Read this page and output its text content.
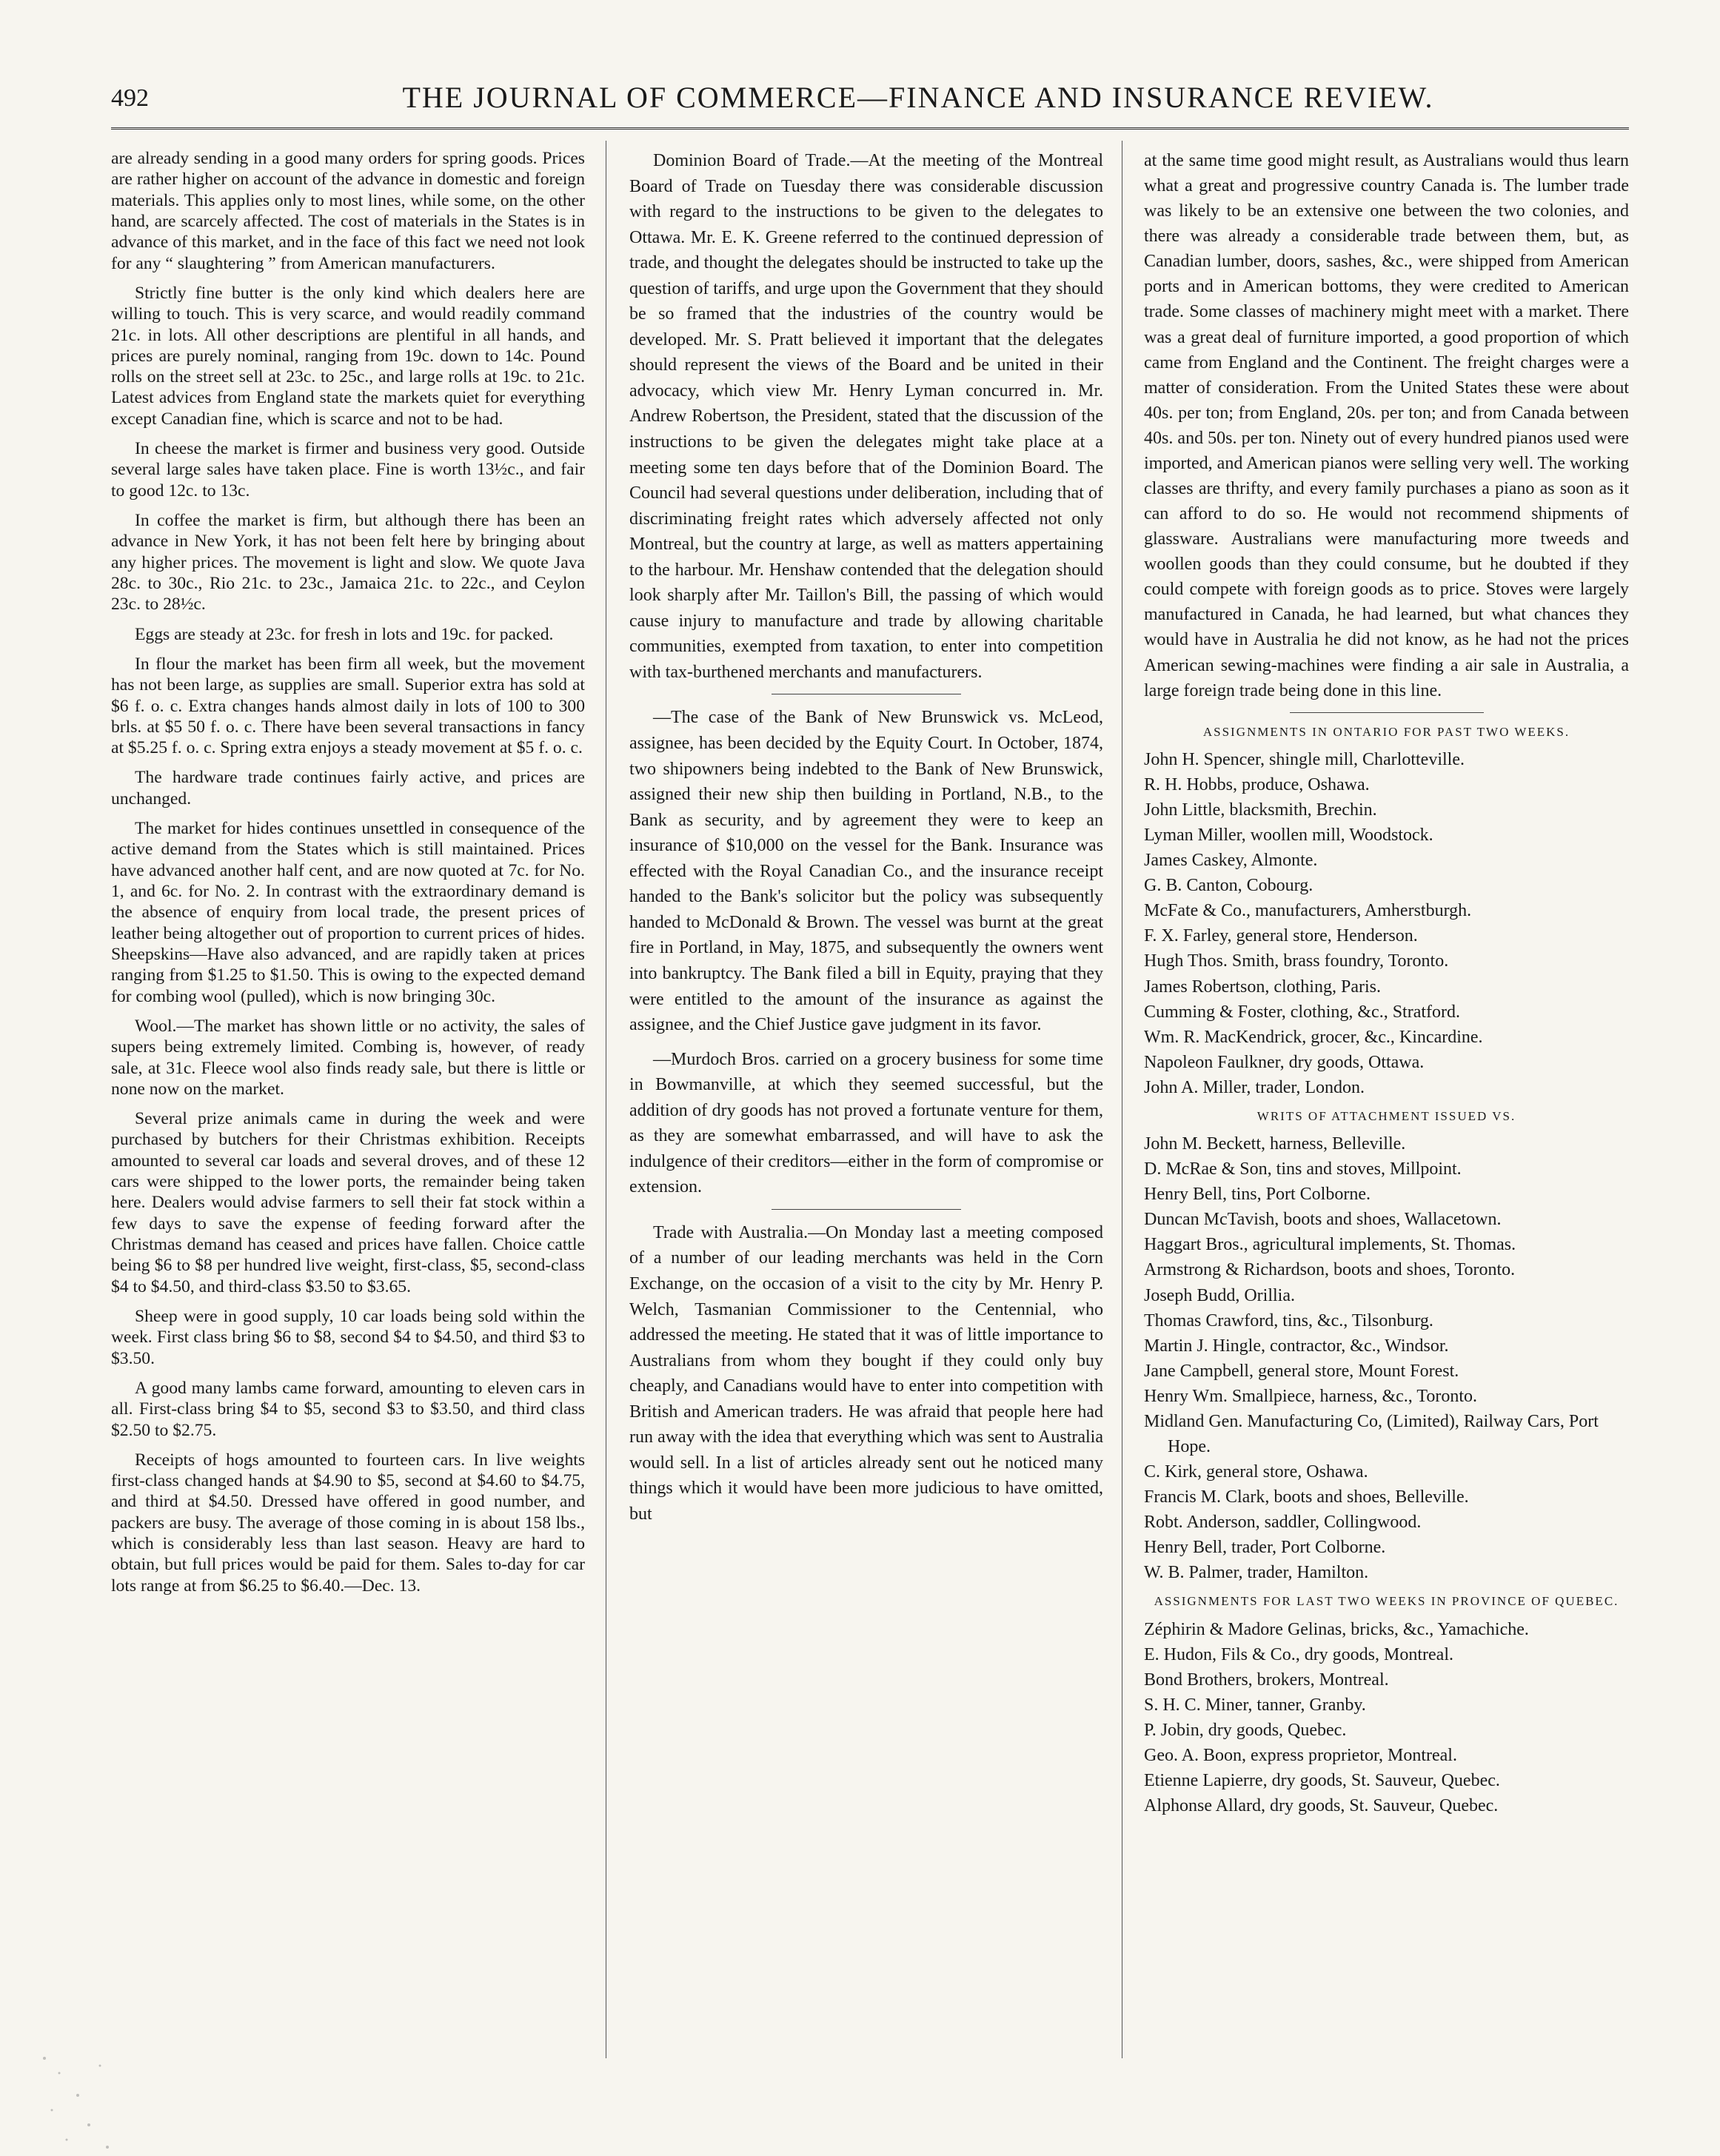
492	THE JOURNAL OF COMMERCE—FINANCE AND INSURANCE REVIEW.

are already sending in a good many orders for spring goods. Prices are rather higher on account of the advance in domestic and foreign materials. This applies only to most lines, while some, on the other hand, are scarcely affected. The cost of materials in the States is in advance of this market, and in the face of this fact we need not look for any “ slaughtering ” from American manufacturers.

Strictly fine butter is the only kind which dealers here are willing to touch. This is very scarce, and would readily command 21c. in lots. All other descriptions are plentiful in all hands, and prices are purely nominal, ranging from 19c. down to 14c. Pound rolls on the street sell at 23c. to 25c., and large rolls at 19c. to 21c. Latest advices from England state the markets quiet for everything except Canadian fine, which is scarce and not to be had.

In cheese the market is firmer and business very good. Outside several large sales have taken place. Fine is worth 13½c., and fair to good 12c. to 13c.

In coffee the market is firm, but although there has been an advance in New York, it has not been felt here by bringing about any higher prices. The movement is light and slow. We quote Java 28c. to 30c., Rio 21c. to 23c., Jamaica 21c. to 22c., and Ceylon 23c. to 28½c.

Eggs are steady at 23c. for fresh in lots and 19c. for packed.

In flour the market has been firm all week, but the movement has not been large, as supplies are small. Superior extra has sold at $6 f. o. c. Extra changes hands almost daily in lots of 100 to 300 brls. at $5 50 f. o. c. There have been several transactions in fancy at $5.25 f. o. c. Spring extra enjoys a steady movement at $5 f. o. c.

The hardware trade continues fairly active, and prices are unchanged.

The market for hides continues unsettled in consequence of the active demand from the States which is still maintained. Prices have advanced another half cent, and are now quoted at 7c. for No. 1, and 6c. for No. 2. In contrast with the extraordinary demand is the absence of enquiry from local trade, the present prices of leather being altogether out of proportion to current prices of hides. Sheepskins—Have also advanced, and are rapidly taken at prices ranging from $1.25 to $1.50. This is owing to the expected demand for combing wool (pulled), which is now bringing 30c.

Wool.—The market has shown little or no activity, the sales of supers being extremely limited. Combing is, however, of ready sale, at 31c. Fleece wool also finds ready sale, but there is little or none now on the market.

Several prize animals came in during the week and were purchased by butchers for their Christmas exhibition. Receipts amounted to several car loads and several droves, and of these 12 cars were shipped to the lower ports, the remainder being taken here. Dealers would advise farmers to sell their fat stock within a few days to save the expense of feeding forward after the Christmas demand has ceased and prices have fallen. Choice cattle being $6 to $8 per hundred live weight, first-class, $5, second-class $4 to $4.50, and third-class $3.50 to $3.65.

Sheep were in good supply, 10 car loads being sold within the week. First class bring $6 to $8, second $4 to $4.50, and third $3 to $3.50.

A good many lambs came forward, amounting to eleven cars in all. First-class bring $4 to $5, second $3 to $3.50, and third class $2.50 to $2.75.

Receipts of hogs amounted to fourteen cars. In live weights first-class changed hands at $4.90 to $5, second at $4.60 to $4.75, and third at $4.50. Dressed have offered in good number, and packers are busy. The average of those coming in is about 158 lbs., which is considerably less than last season. Heavy are hard to obtain, but full prices would be paid for them. Sales to-day for car lots range at from $6.25 to $6.40.—Dec. 13.

Dominion Board of Trade.—At the meeting of the Montreal Board of Trade on Tuesday there was considerable discussion with regard to the instructions to be given to the delegates to Ottawa. Mr. E. K. Greene referred to the continued depression of trade, and thought the delegates should be instructed to take up the question of tariffs, and urge upon the Government that they should be so framed that the industries of the country would be developed. Mr. S. Pratt believed it important that the delegates should represent the views of the Board and be united in their advocacy, which view Mr. Henry Lyman concurred in. Mr. Andrew Robertson, the President, stated that the discussion of the instructions to be given the delegates might take place at a meeting some ten days before that of the Dominion Board. The Council had several questions under deliberation, including that of discriminating freight rates which adversely affected not only Montreal, but the country at large, as well as matters appertaining to the harbour. Mr. Henshaw contended that the delegation should look sharply after Mr. Taillon's Bill, the passing of which would cause injury to manufacture and trade by allowing charitable communities, exempted from taxation, to enter into competition with tax-burthened merchants and manufacturers.

—The case of the Bank of New Brunswick vs. McLeod, assignee, has been decided by the Equity Court. In October, 1874, two shipowners being indebted to the Bank of New Brunswick, assigned their new ship then building in Portland, N.B., to the Bank as security, and by agreement they were to keep an insurance of $10,000 on the vessel for the Bank. Insurance was effected with the Royal Canadian Co., and the insurance receipt handed to the Bank's solicitor but the policy was subsequently handed to McDonald & Brown. The vessel was burnt at the great fire in Portland, in May, 1875, and subsequently the owners went into bankruptcy. The Bank filed a bill in Equity, praying that they were entitled to the amount of the insurance as against the assignee, and the Chief Justice gave judgment in its favor.

—Murdoch Bros. carried on a grocery business for some time in Bowmanville, at which they seemed successful, but the addition of dry goods has not proved a fortunate venture for them, as they are somewhat embarrassed, and will have to ask the indulgence of their creditors—either in the form of compromise or extension.

Trade with Australia.—On Monday last a meeting composed of a number of our leading merchants was held in the Corn Exchange, on the occasion of a visit to the city by Mr. Henry P. Welch, Tasmanian Commissioner to the Centennial, who addressed the meeting. He stated that it was of little importance to Australians from whom they bought if they could only buy cheaply, and Canadians would have to enter into competition with British and American traders. He was afraid that people here had run away with the idea that everything which was sent to Australia would sell. In a list of articles already sent out he noticed many things which it would have been more judicious to have omitted, but

at the same time good might result, as Australians would thus learn what a great and progressive country Canada is. The lumber trade was likely to be an extensive one between the two colonies, and there was already a considerable trade between them, but, as Canadian lumber, doors, sashes, &c., were shipped from American ports and in American bottoms, they were credited to American trade. Some classes of machinery might meet with a market. There was a great deal of furniture imported, a good proportion of which came from England and the Continent. The freight charges were a matter of consideration. From the United States these were about 40s. per ton; from England, 20s. per ton; and from Canada between 40s. and 50s. per ton. Ninety out of every hundred pianos used were imported, and American pianos were selling very well. The working classes are thrifty, and every family purchases a piano as soon as it can afford to do so. He would not recommend shipments of glassware. Australians were manufacturing more tweeds and woollen goods than they could consume, but he doubted if they could compete with foreign goods as to price. Stoves were largely manufactured in Canada, he had learned, but what chances they would have in Australia he did not know, as he had not the prices American sewing-machines were finding a air sale in Australia, a large foreign trade being done in this line.

ASSIGNMENTS IN ONTARIO FOR PAST TWO WEEKS.
John H. Spencer, shingle mill, Charlotteville.
R. H. Hobbs, produce, Oshawa.
John Little, blacksmith, Brechin.
Lyman Miller, woollen mill, Woodstock.
James Caskey, Almonte.
G. B. Canton, Cobourg.
McFate & Co., manufacturers, Amherstburgh.
F. X. Farley, general store, Henderson.
Hugh Thos. Smith, brass foundry, Toronto.
James Robertson, clothing, Paris.
Cumming & Foster, clothing, &c., Stratford.
Wm. R. MacKendrick, grocer, &c., Kincardine.
Napoleon Faulkner, dry goods, Ottawa.
John A. Miller, trader, London.
WRITS OF ATTACHMENT ISSUED VS.
John M. Beckett, harness, Belleville.
D. McRae & Son, tins and stoves, Millpoint.
Henry Bell, tins, Port Colborne.
Duncan McTavish, boots and shoes, Wallacetown.
Haggart Bros., agricultural implements, St. Thomas.
Armstrong & Richardson, boots and shoes, Toronto.
Joseph Budd, Orillia.
Thomas Crawford, tins, &c., Tilsonburg.
Martin J. Hingle, contractor, &c., Windsor.
Jane Campbell, general store, Mount Forest.
Henry Wm. Smallpiece, harness, &c., Toronto.
Midland Gen. Manufacturing Co, (Limited), Railway Cars, Port Hope.
C. Kirk, general store, Oshawa.
Francis M. Clark, boots and shoes, Belleville.
Robt. Anderson, saddler, Collingwood.
Henry Bell, trader, Port Colborne.
W. B. Palmer, trader, Hamilton.
ASSIGNMENTS FOR LAST TWO WEEKS IN PROVINCE OF QUEBEC.
Zéphirin & Madore Gelinas, bricks, &c., Yamachiche.
E. Hudon, Fils & Co., dry goods, Montreal.
Bond Brothers, brokers, Montreal.
S. H. C. Miner, tanner, Granby.
P. Jobin, dry goods, Quebec.
Geo. A. Boon, express proprietor, Montreal.
Etienne Lapierre, dry goods, St. Sauveur, Quebec.
Alphonse Allard, dry goods, St. Sauveur, Quebec.
